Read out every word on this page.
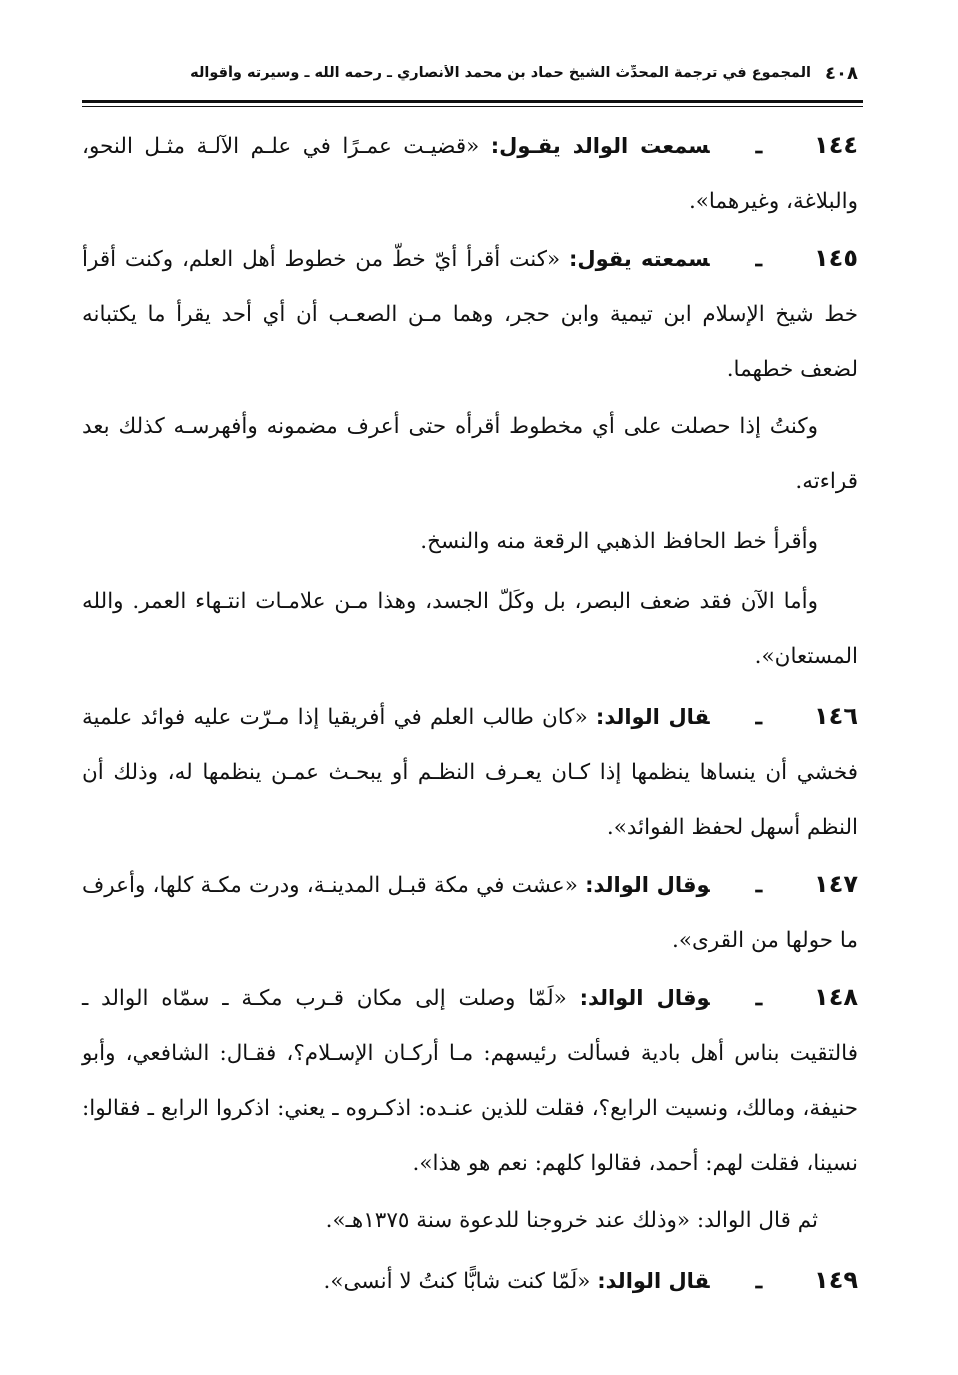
٤٠٨
المجموع في ترجمة المحدِّث الشيخ حماد بن محمد الأنصاري ـ رحمه الله ـ وسيرته وأقواله

١٤٤ـسمعت الوالد يقـول: «قضيـت عمـرًا في علـم الآلـة مثـل النحو، والبلاغة، وغيرهما».

١٤٥ـسمعته يقول: «كنت أقرأ أيّ خطّ من خطوط أهل العلم، وكنت أقرأ خط شيخ الإسلام ابن تيمية وابن حجر، وهما مـن الصعـب أن أي أحد يقرأ ما يكتبانه لضعف خطهما.

وكنتُ إذا حصلت على أي مخطوط أقرأه حتى أعرف مضمونه وأفهرسـه كذلك بعد قراءته.

وأقرأ خط الحافظ الذهبي الرقعة منه والنسخ.

وأما الآن فقد ضعف البصر، بل وكَلّ الجسد، وهذا مـن علامـات انتـهاء العمر. والله المستعان».

١٤٦ـقال الوالد: «كان طالب العلم في أفريقيا إذا مـرّت عليه فوائد علمية فخشي أن ينساها ينظمها إذا كـان يعـرف النظـم أو يبحـث عمـن ينظمها له، وذلك أن النظم أسهل لحفظ الفوائد».

١٤٧ـوقال الوالد: «عشت في مكة قبـل المدينـة، ودرت مكـة كلها، وأعرف ما حولها من القرى».

١٤٨ـوقال الوالد: «لَمّا وصلت إلى مكان قـرب مكـة ـ سمّاه الوالد ـ فالتقيت بناس أهل بادية فسألت رئيسهم: مـا أركـان الإسـلام؟، فقـال: الشافعي، وأبو حنيفة، ومالك، ونسيت الرابع؟، فقلت للذين عنـده: اذكـروه ـ يعني: اذكروا الرابع ـ فقالوا: نسينا، فقلت لهم: أحمد، فقالوا كلهم: نعم هو هذا».

ثم قال الوالد: «وذلك عند خروجنا للدعوة سنة ١٣٧٥هـ».

١٤٩ـقال الوالد: «لَمّا كنت شابًّا كنتُ لا أنسى».
